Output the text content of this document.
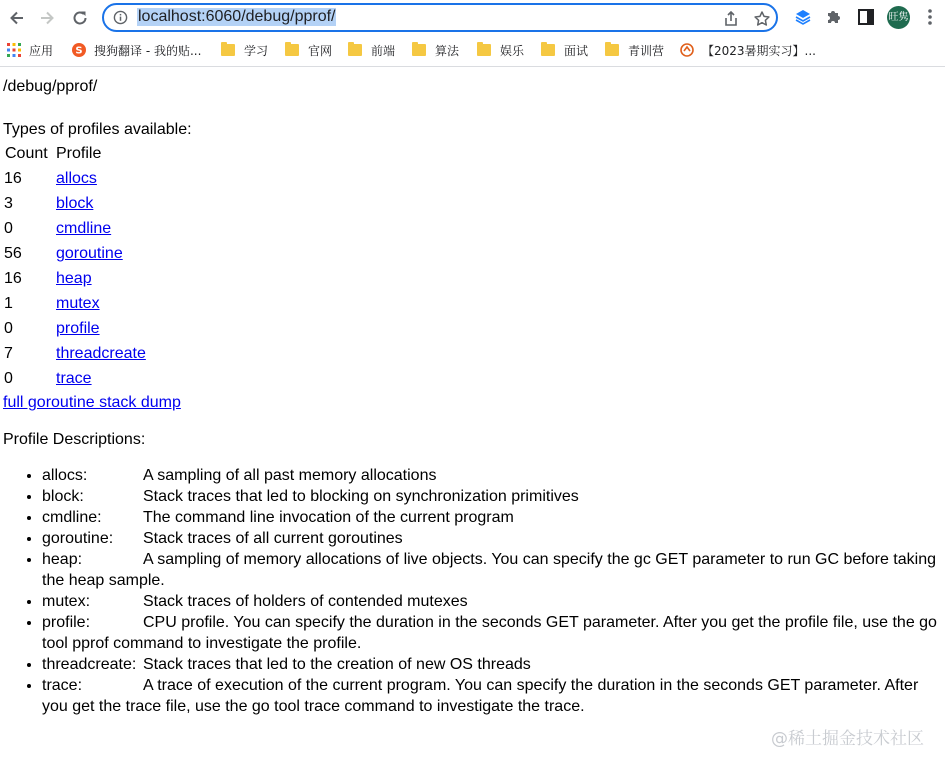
localhost:6060/debug/pprof/	旺隽
应用 S 搜狗翻译 - 我的贴...	学习	官网	前端	算法	娱乐	面试	青训营	【2023暑期实习】...
/debug/pprof/
Types of profiles available:
Count Profile
16 allocs
3	block
0	cmdline
56 goroutine
16 heap
1	mutex
0	profile
7	threadcreate
0	trace
full goroutine stack dump
Profile Descriptions:
• allocs:	A sampling of all past memory allocations
• block:	Stack traces that led to blocking on synchronization primitives
• cmdline:	The command line invocation of the current program
• goroutine: Stack traces of all current goroutines
• heap:	A sampling of memory allocations of live objects. You can specify the gc GET parameter to run GC before taking the heap sample.
• mutex:	Stack traces of holders of contended mutexes
• profile:	CPU profile. You can specify the duration in the seconds GET parameter. After you get the profile file, use the go tool pprof command to investigate the profile.
• threadcreate: Stack traces that led to the creation of new OS threads
• trace:	A trace of execution of the current program. You can specify the duration in the seconds GET parameter. After you get the trace file, use the go tool trace command to investigate the trace.
@稀土掘金技术社区
